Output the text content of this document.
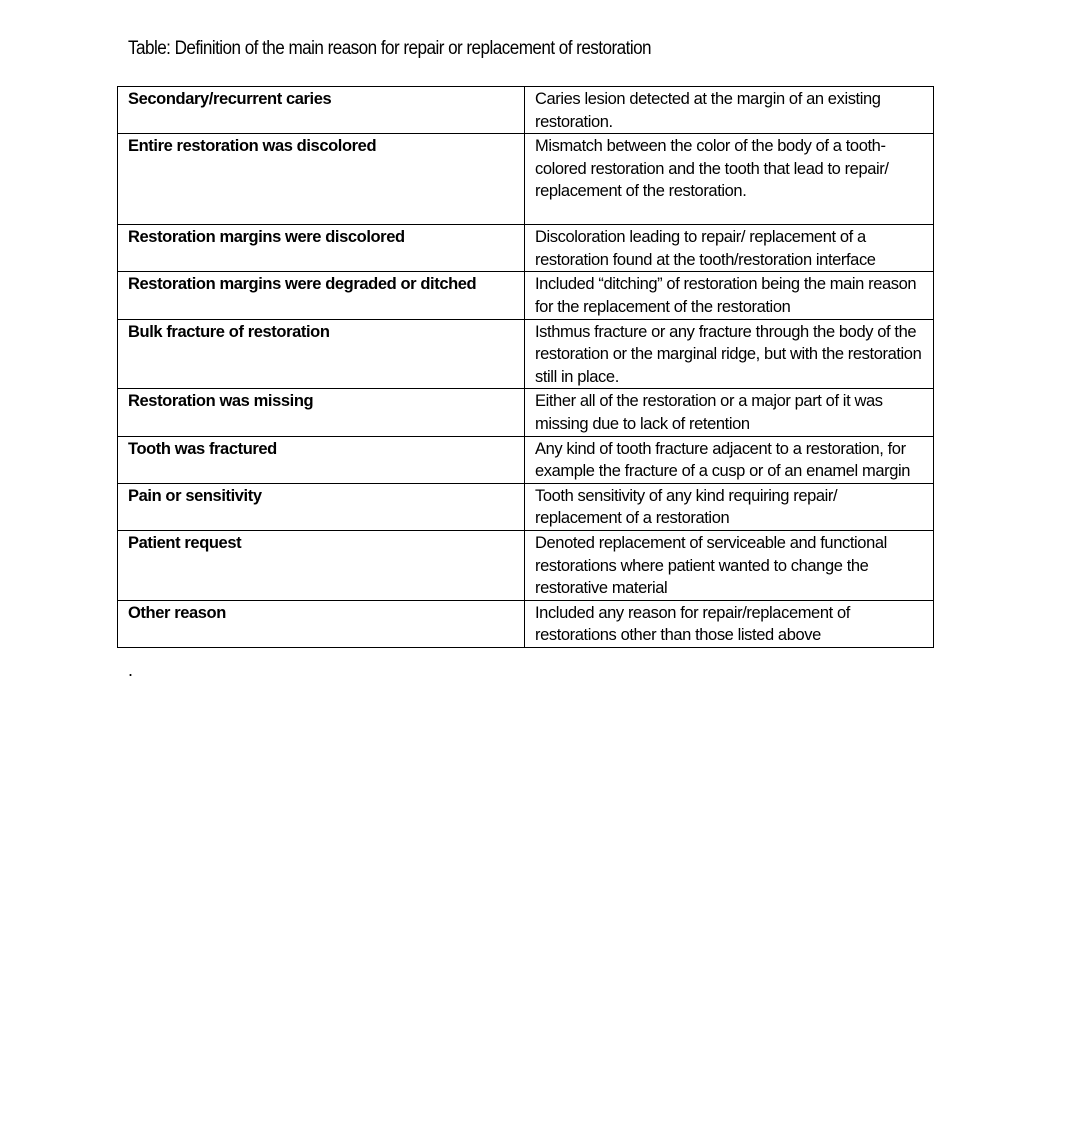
Table: Definition of the main reason for repair or replacement of restoration
Secondary/recurrent caries	Caries lesion detected at the margin of an existing restoration.
Entire restoration was discolored	Mismatch between the color of the body of a tooth-colored restoration and the tooth that lead to repair/ replacement of the restoration.
Restoration margins were discolored	Discoloration leading to repair/ replacement of a restoration found at the tooth/restoration interface
Restoration margins were degraded or ditched	Included “ditching” of restoration being the main reason for the replacement of the restoration
Bulk fracture of restoration	Isthmus fracture or any fracture through the body of the restoration or the marginal ridge, but with the restoration still in place.
Restoration was missing	Either all of the restoration or a major part of it was missing due to lack of retention
Tooth was fractured	Any kind of tooth fracture adjacent to a restoration, for example the fracture of a cusp or of an enamel margin
Pain or sensitivity	Tooth sensitivity of any kind requiring repair/ replacement of a restoration
Patient request	Denoted replacement of serviceable and functional restorations where patient wanted to change the restorative material
Other reason	Included any reason for repair/replacement of restorations other than those listed above
.
